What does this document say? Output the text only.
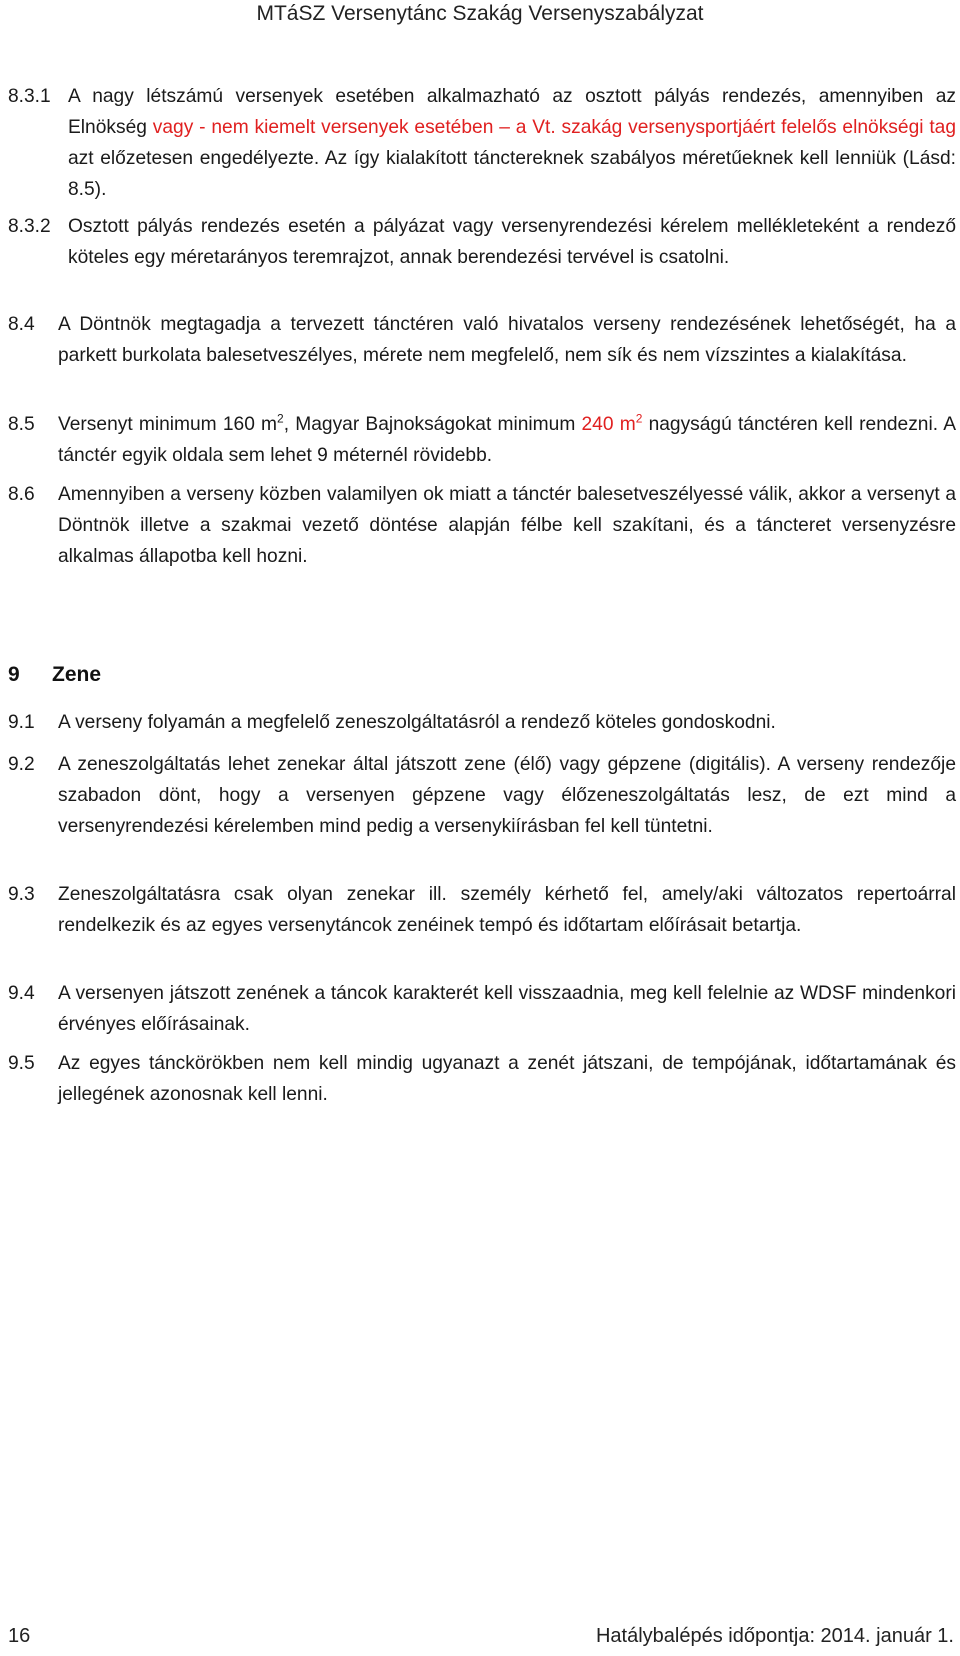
MTáSZ Versenytánc Szakág Versenyszabályzat
8.3.1 A nagy létszámú versenyek esetében alkalmazható az osztott pályás rendezés, amennyiben az Elnökség vagy - nem kiemelt versenyek esetében – a Vt. szakág versenysportjáért felelős elnökségi tag azt előzetesen engedélyezte. Az így kialakított tánctereknek szabályos méretűeknek kell lenniük (Lásd: 8.5).
8.3.2 Osztott pályás rendezés esetén a pályázat vagy versenyrendezési kérelem mellékleteként a rendező köteles egy méretarányos teremrajzot, annak berendezési tervével is csatolni.
8.4	A Döntnök megtagadja a tervezett tánctéren való hivatalos verseny rendezésének lehetőségét, ha a parkett burkolata balesetveszélyes, mérete nem megfelelő, nem sík és nem vízszintes a kialakítása.
8.5	Versenyt minimum 160 $m^2$, Magyar Bajnokságokat minimum 240 $m^2$ nagyságú tánctéren kell rendezni. A tánctér egyik oldala sem lehet 9 méternél rövidebb.
8.6	Amennyiben a verseny közben valamilyen ok miatt a tánctér balesetveszélyessé válik, akkor a versenyt a Döntnök illetve a szakmai vezető döntése alapján félbe kell szakítani, és a táncteret versenyzésre alkalmas állapotba kell hozni.
9 Zene
9.1	A verseny folyamán a megfelelő zeneszolgáltatásról a rendező köteles gondoskodni.
9.2	A zeneszolgáltatás lehet zenekar által játszott zene (élő) vagy gépzene (digitális). A verseny rendezője szabadon dönt, hogy a versenyen gépzene vagy élőzeneszolgáltatás lesz, de ezt mind a versenyrendezési kérelemben mind pedig a versenykiírásban fel kell tüntetni.
9.3	Zeneszolgáltatásra csak olyan zenekar ill. személy kérhető fel, amely/aki változatos repertoárral rendelkezik és az egyes versenytáncok zenéinek tempó és időtartam előírásait betartja.
9.4	A versenyen játszott zenének a táncok karakterét kell visszaadnia, meg kell felelnie az WDSF mindenkori érvényes előírásainak.
9.5	Az egyes tánckörökben nem kell mindig ugyanazt a zenét játszani, de tempójának, időtartamának és jellegének azonosnak kell lenni.
16	Hatálybalépés időpontja: 2014. január 1.
